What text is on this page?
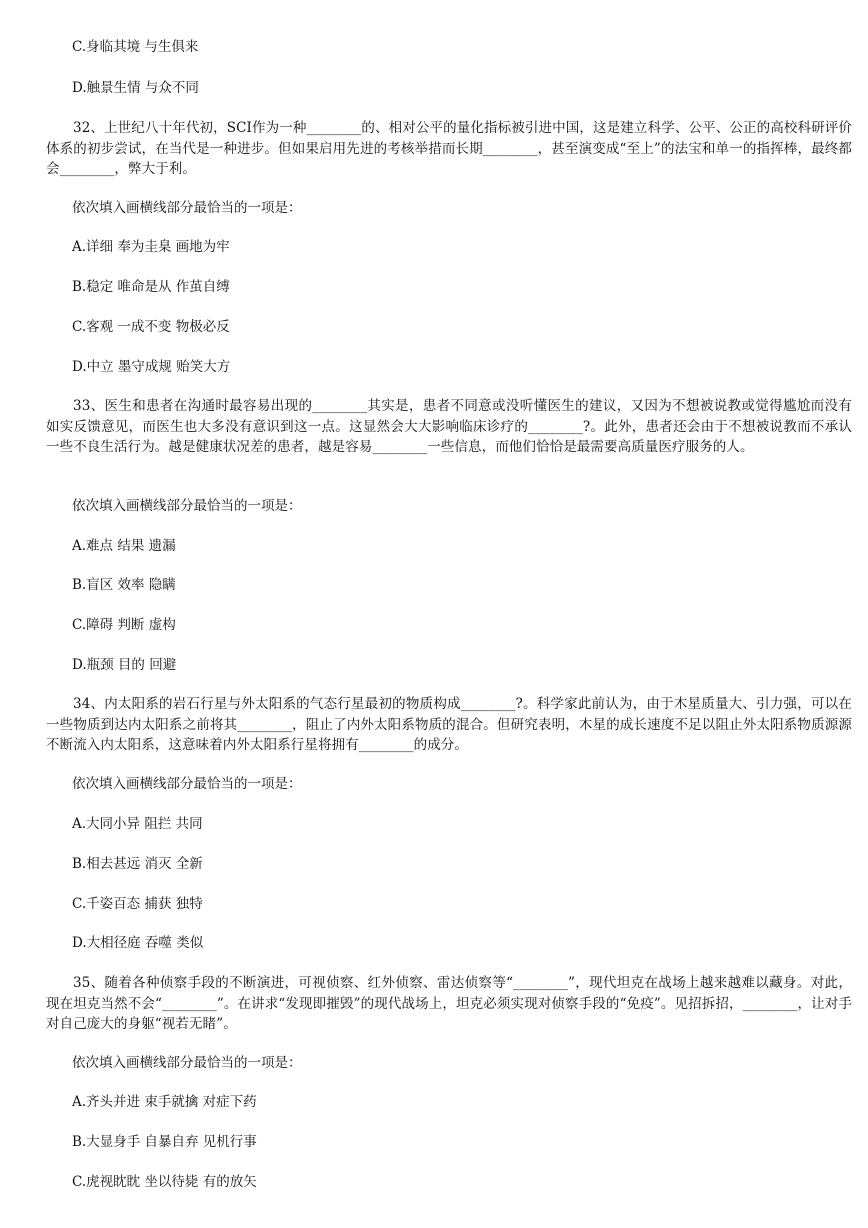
C.身临其境 与生俱来
D.触景生情 与众不同
32、上世纪八十年代初，SCI作为一种________的、相对公平的量化指标被引进中国，这是建立科学、公平、公正的高校科研评价体系的初步尝试，在当代是一种进步。但如果启用先进的考核举措而长期________，甚至演变成“至上”的法宝和单一的指挥棒，最终都会________，弊大于利。
依次填入画横线部分最恰当的一项是：
A.详细 奉为圭臬 画地为牢
B.稳定 唯命是从 作茧自缚
C.客观 一成不变 物极必反
D.中立 墨守成规 贻笑大方
33、医生和患者在沟通时最容易出现的________其实是，患者不同意或没听懂医生的建议，又因为不想被说教或觉得尴尬而没有如实反馈意见，而医生也大多没有意识到这一点。这显然会大大影响临床诊疗的________?。此外，患者还会由于不想被说教而不承认一些不良生活行为。越是健康状况差的患者，越是容易________一些信息，而他们恰恰是最需要高质量医疗服务的人。
依次填入画横线部分最恰当的一项是：
A.难点 结果 遗漏
B.盲区 效率 隐瞒
C.障碍 判断 虚构
D.瓶颈 目的 回避
34、内太阳系的岩石行星与外太阳系的气态行星最初的物质构成________?。科学家此前认为，由于木星质量大、引力强，可以在一些物质到达内太阳系之前将其________，阻止了内外太阳系物质的混合。但研究表明，木星的成长速度不足以阻止外太阳系物质源源不断流入内太阳系，这意味着内外太阳系行星将拥有________的成分。
依次填入画横线部分最恰当的一项是：
A.大同小异 阻拦 共同
B.相去甚远 消灭 全新
C.千姿百态 捕获 独特
D.大相径庭 吞噬 类似
35、随着各种侦察手段的不断演进，可视侦察、红外侦察、雷达侦察等“________”，现代坦克在战场上越来越难以藏身。对此，现在坦克当然不会“________”。在讲求“发现即摧毁”的现代战场上，坦克必须实现对侦察手段的“免疫”。见招拆招，________，让对手对自己庞大的身躯“视若无睹”。
依次填入画横线部分最恰当的一项是：
A.齐头并进 束手就擒 对症下药
B.大显身手 自暴自弃 见机行事
C.虎视眈眈 坐以待毙 有的放矢
